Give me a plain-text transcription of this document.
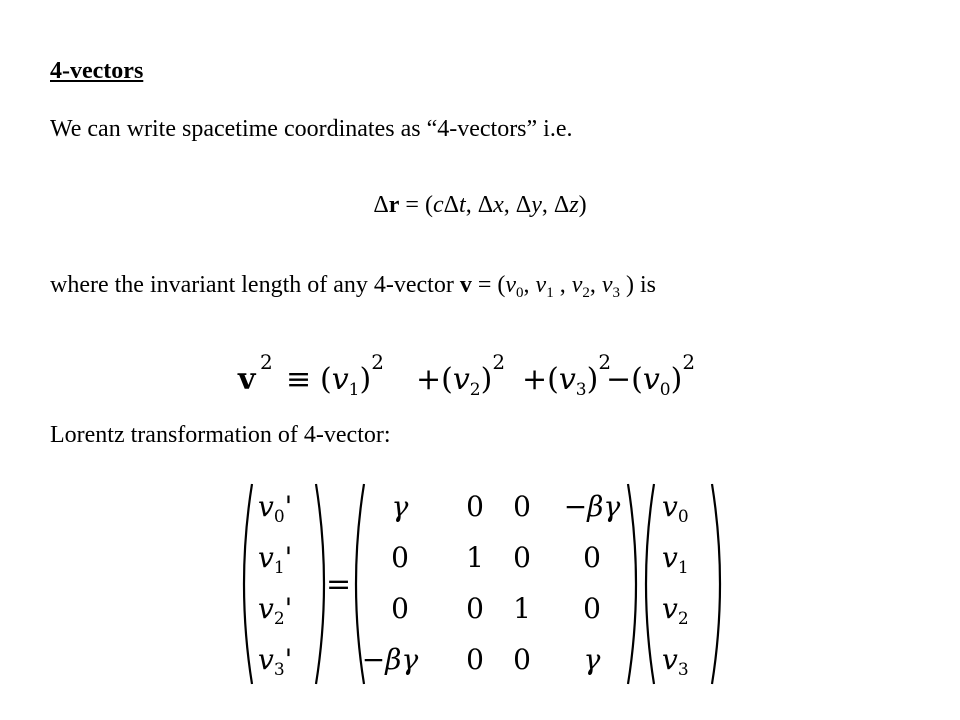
4-vectors
We can write spacetime coordinates as “4-vectors” i.e.
Δr = (cΔt, Δx, Δy, Δz)
where the invariant length of any 4-vector $v = (v_0$, $v_1$ , $v_2$, $v_3$ ) is
v $2 \equiv (v_1)^2 +(v_2)^2 +(v_3)^2$
$-(v_0)^2$
Lorentz transformation of 4-vector:
$v_0'$
$v_1'$
$v_2'$
$v_3'$
=
γ 0 0 −βγ
0 1 0 0
0 0 1 0
−βγ 0 0 γ
$v_0$
$v_1$
$v_2$
$v_3$
